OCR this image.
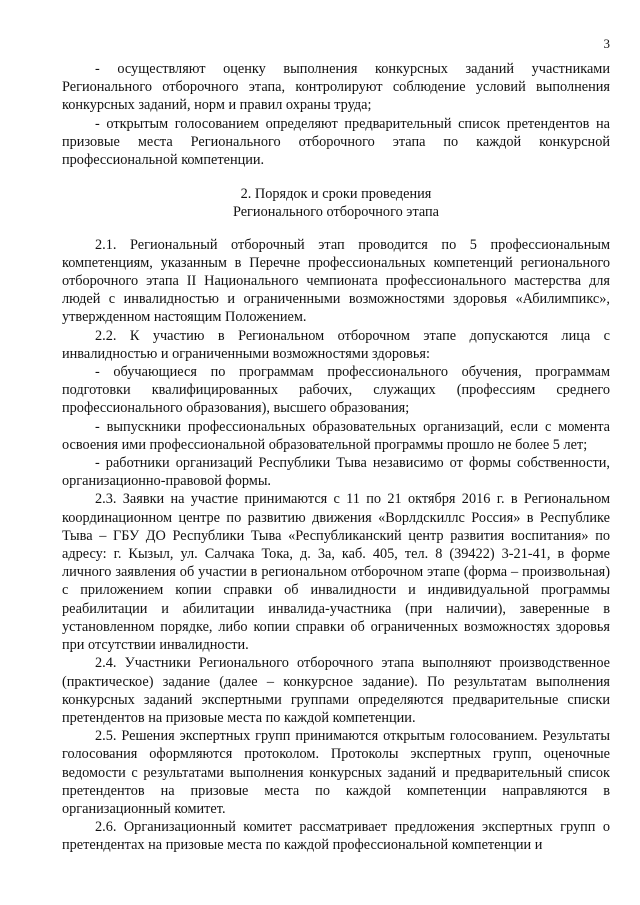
3

- осуществляют оценку выполнения конкурсных заданий участниками Регионального отборочного этапа, контролируют соблюдение условий выполнения конкурсных заданий, норм и правил охраны труда;

- открытым голосованием определяют предварительный список претендентов на призовые места Регионального отборочного этапа по каждой конкурсной профессиональной компетенции.

2. Порядок и сроки проведения
Регионального отборочного этапа

2.1. Региональный отборочный этап проводится по 5 профессиональным компетенциям, указанным в Перечне профессиональных компетенций регионального отборочного этапа II Национального чемпионата профессионального мастерства для людей с инвалидностью и ограниченными возможностями здоровья «Абилимпикс», утвержденном настоящим Положением.

2.2. К участию в Региональном отборочном этапе допускаются лица с инвалидностью и ограниченными возможностями здоровья:

- обучающиеся по программам профессионального обучения, программам подготовки квалифицированных рабочих, служащих (профессиям среднего профессионального образования), высшего образования;

- выпускники профессиональных образовательных организаций, если с момента освоения ими профессиональной образовательной программы прошло не более 5 лет;

- работники организаций Республики Тыва независимо от формы собственности, организационно-правовой формы.

2.3. Заявки на участие принимаются с 11 по 21 октября 2016 г. в Региональном координационном центре по развитию движения «Ворлдскиллс Россия» в Республике Тыва – ГБУ ДО Республики Тыва «Республиканский центр развития воспитания» по адресу: г. Кызыл, ул. Салчака Тока, д. 3а, каб. 405, тел. 8 (39422) 3-21-41, в форме личного заявления об участии в региональном отборочном этапе (форма – произвольная) с приложением копии справки об инвалидности и индивидуальной программы реабилитации и абилитации инвалида-участника (при наличии), заверенные в установленном порядке, либо копии справки об ограниченных возможностях здоровья при отсутствии инвалидности.

2.4. Участники Регионального отборочного этапа выполняют производственное (практическое) задание (далее – конкурсное задание). По результатам выполнения конкурсных заданий экспертными группами определяются предварительные списки претендентов на призовые места по каждой компетенции.

2.5. Решения экспертных групп принимаются открытым голосованием. Результаты голосования оформляются протоколом. Протоколы экспертных групп, оценочные ведомости с результатами выполнения конкурсных заданий и предварительный список претендентов на призовые места по каждой компетенции направляются в организационный комитет.

2.6. Организационный комитет рассматривает предложения экспертных групп о претендентах на призовые места по каждой профессиональной компетенции и
